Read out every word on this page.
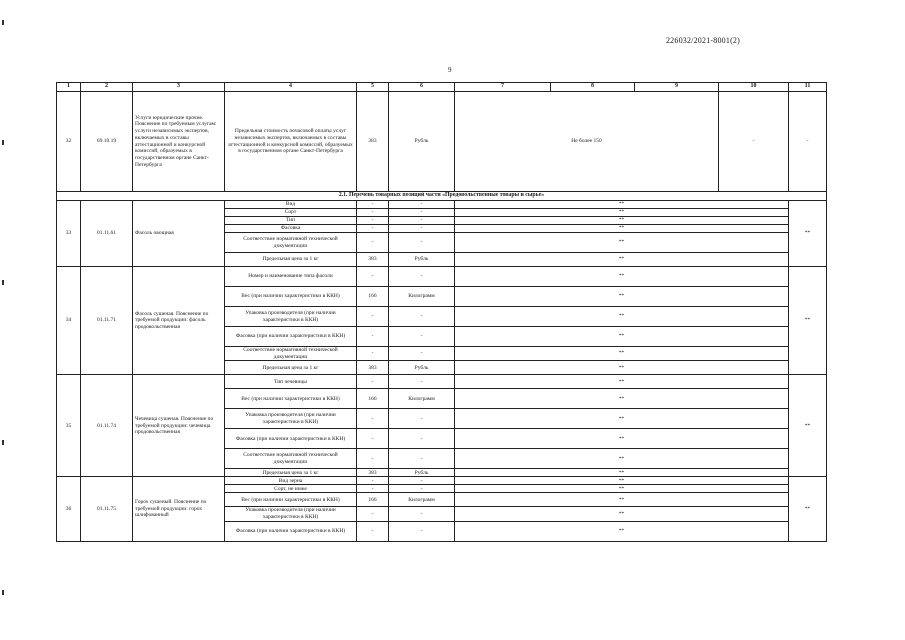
226032/2021-8001(2)
9
1	2	3	4	5	6	7	8	9	10	11
32	69.10.19	Услуги юридические прочие. Пояснение по требуемым услугам: услуги независимых экспертов, включаемых в составы аттестационной и конкурсной комиссий, образуемых в государственном органе Санкт-Петербурга	Предельная стоимость почасовой оплаты услуг независимых экспертов, включаемых в составы аттестационной и конкурсной комиссий, образуемых в государственном органе Санкт-Петербурга	383	Рубль	Не более 150			-	-
2.1. Перечень товарных позиций части «Продовольственные товары и сырье»										
33	01.11.61	Фасоль овощная	Вид	-	-	**				**
			Сорт	-	-	**				
			Тип	-	-	**				
			Фасовка	-	-	**				
			Соответствие нормативной технической документации	-	-	**				
			Предельная цена за 1 кг	383	Рубль	**				
34	01.11.71	Фасоль сушеная. Пояснение по требуемой продукции: фасоль продовольственная	Номер и наименование типа фасоли	-	-	**				**
			Вес (при наличии характеристики в ККН)	166	Килограмм	**				
			Упаковка производителя (при наличии характеристики в ККН)	-	-	**				
			Фасовка (при наличии характеристики в ККН)	-	-	**				
			Соответствие нормативной технической документации	-	-	**				
			Предельная цена за 1 кг	383	Рубль	**				
35	01.11.74	Чечевица сушеная. Пояснение по требуемой продукции: чечевица продовольственная	Тип чечевицы	-	-	**				**
			Вес (при наличии характеристики в ККН)	166	Килограмм	**				
			Упаковка производителя (при наличии характеристики в ККН)	-	-	**				
			Фасовка (при наличии характеристики в ККН)	-	-	**				
			Соответствие нормативной технической документации	-	-	**				
			Предельная цена за 1 кг	383	Рубль	**				
36	01.11.75	Горох сушеный. Пояснение по требуемой продукции: горох шлифованный	Вид зерна	-	-	**				**
			Сорт, не ниже	-	-	**				
			Вес (при наличии характеристики в ККН)	166	Килограмм	**				
			Упаковка производителя (при наличии характеристики в ККН)	-	-	**				
			Фасовка (при наличии характеристики в ККН)	-	-	**				
